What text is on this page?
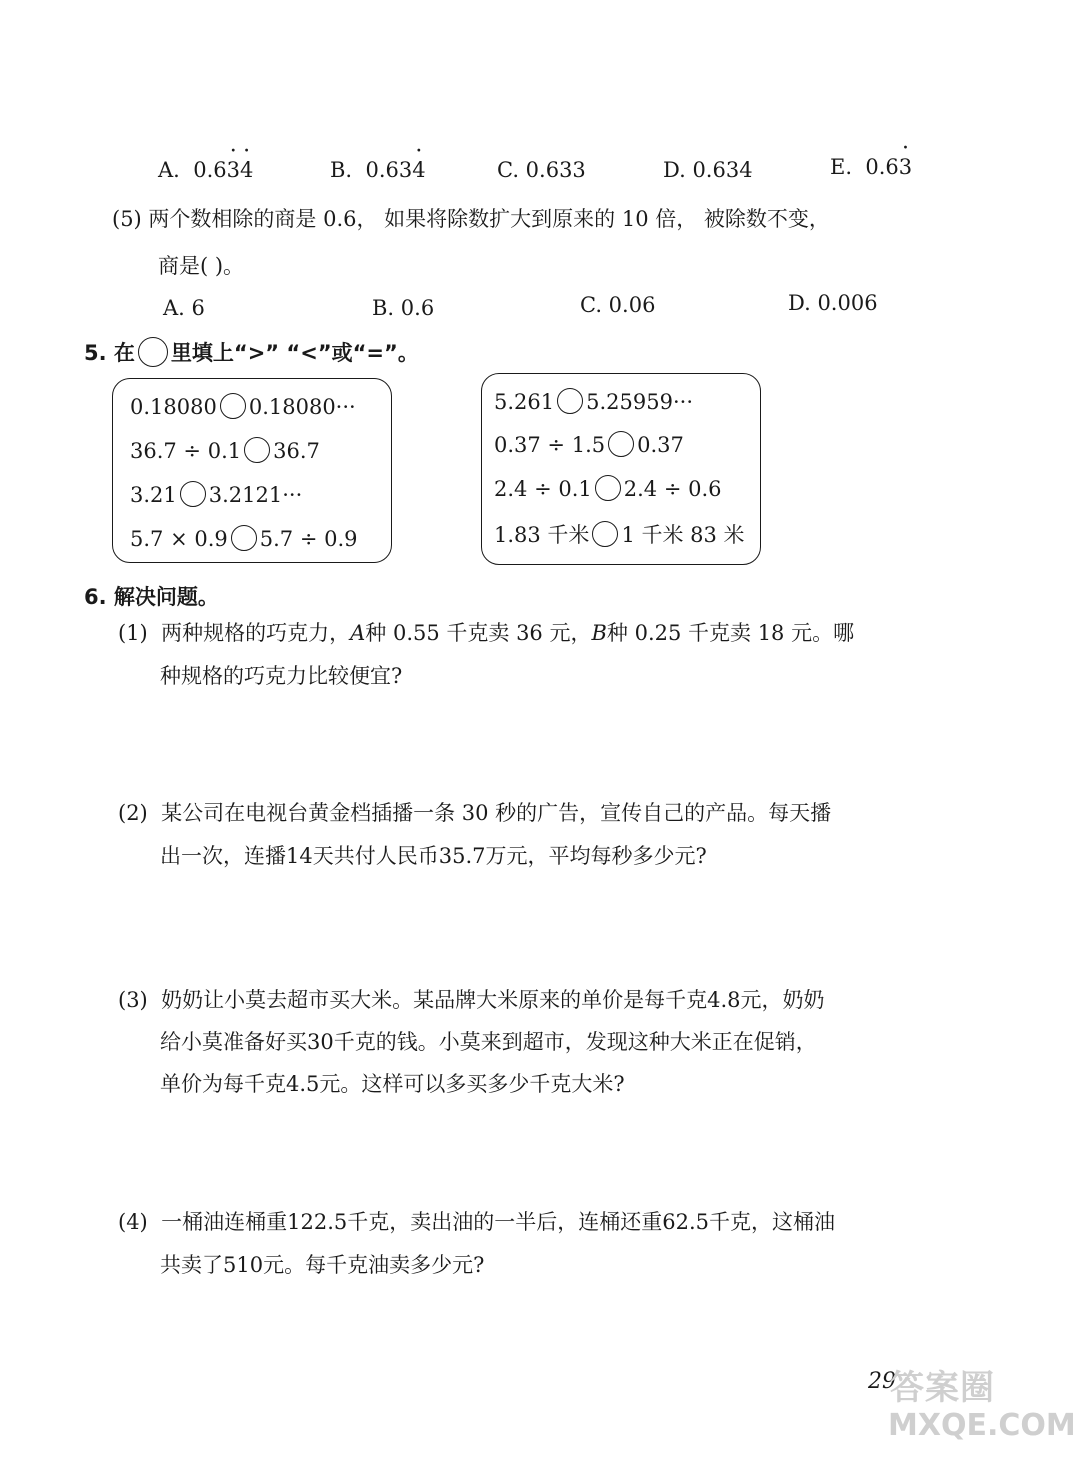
A. 0.63 ·4 ·	B. 0.634 ·	C. 0.633	D. 0.634	E. 0.63 ·
(5) 两个数相除的商是 0.6， 如果将除数扩大到原来的 10 倍， 被除数不变，
商是( )。
A. 6	B. 0.6	C. 0.06	D. 0.006
5. 在 里填上“>” “<”或“=”。
0.18080 0.18080···
36.7 ÷ 0.1 36.7
3.21 3.2121···
5.7 × 0.9 5.7 ÷ 0.9
5.261 5.25959···
0.37 ÷ 1.5 0.37
2.4 ÷ 0.1 2.4 ÷ 0.6
1.83 千米 1 千米 83 米
6. 解决问题。
(1) 两种规格的巧克力，A种 0.55 千克卖 36 元，B种 0.25 千克卖 18 元。哪
种规格的巧克力比较便宜?
(2) 某公司在电视台黄金档插播一条 30 秒的广告，宣传自己的产品。每天播
出一次，连播14天共付人民币35.7万元，平均每秒多少元?
(3) 奶奶让小莫去超市买大米。某品牌大米原来的单价是每千克4.8元，奶奶
给小莫准备好买30千克的钱。小莫来到超市，发现这种大米正在促销，
单价为每千克4.5元。这样可以多买多少千克大米?
(4) 一桶油连桶重122.5千克，卖出油的一半后，连桶还重62.5千克，这桶油
共卖了510元。每千克油卖多少元?
29
答案圈
MXQE.COM
